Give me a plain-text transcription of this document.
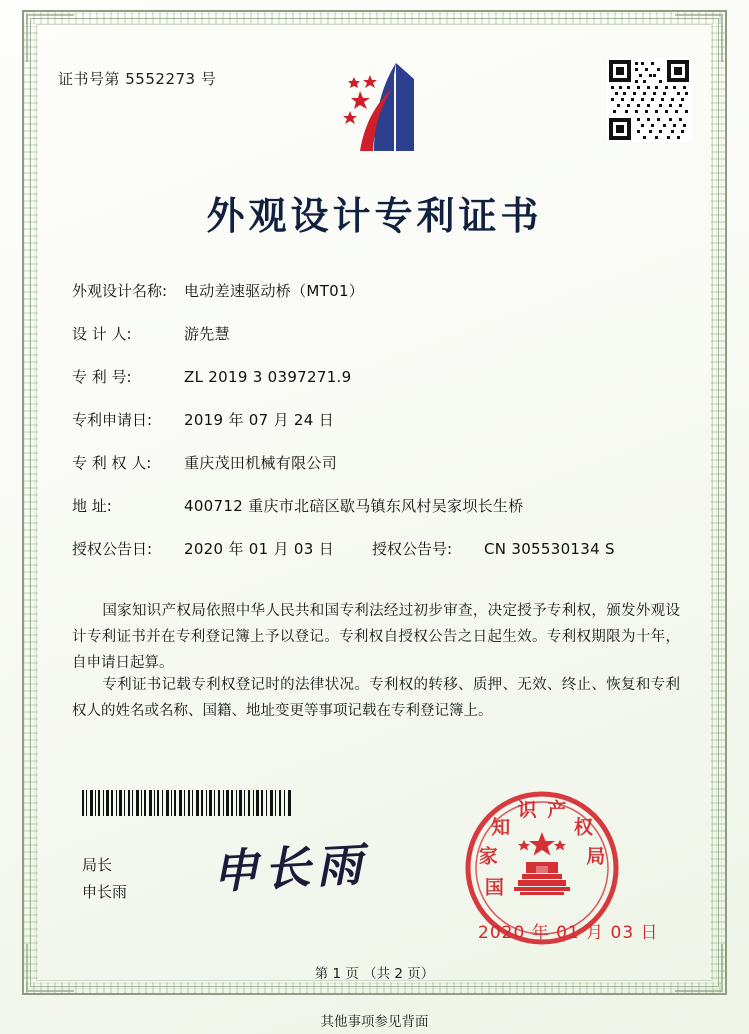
证书号第 5552273 号
外观设计专利证书
外观设计名称:	电动差速驱动桥（MT01）
设 计 人:	游先慧
专 利 号:	ZL 2019 3 0397271.9
专利申请日:	2019 年 07 月 24 日
专 利 权 人:	重庆茂田机械有限公司
地 址:	400712 重庆市北碚区歇马镇东风村吴家坝长生桥
授权公告日:	2020 年 01 月 03 日	授权公告号:	CN 305530134 S
国家知识产权局依照中华人民共和国专利法经过初步审查，决定授予专利权，颁发外观设计专利证书并在专利登记簿上予以登记。专利权自授权公告之日起生效。专利权期限为十年，自申请日起算。
专利证书记载专利权登记时的法律状况。专利权的转移、质押、无效、终止、恢复和专利权人的姓名或名称、国籍、地址变更等事项记载在专利登记簿上。
局长
申长雨 申长雨	国
家
知
识 产
权
局
2020 年 01 月 03 日
第 1 页 （共 2 页）
其他事项参见背面
